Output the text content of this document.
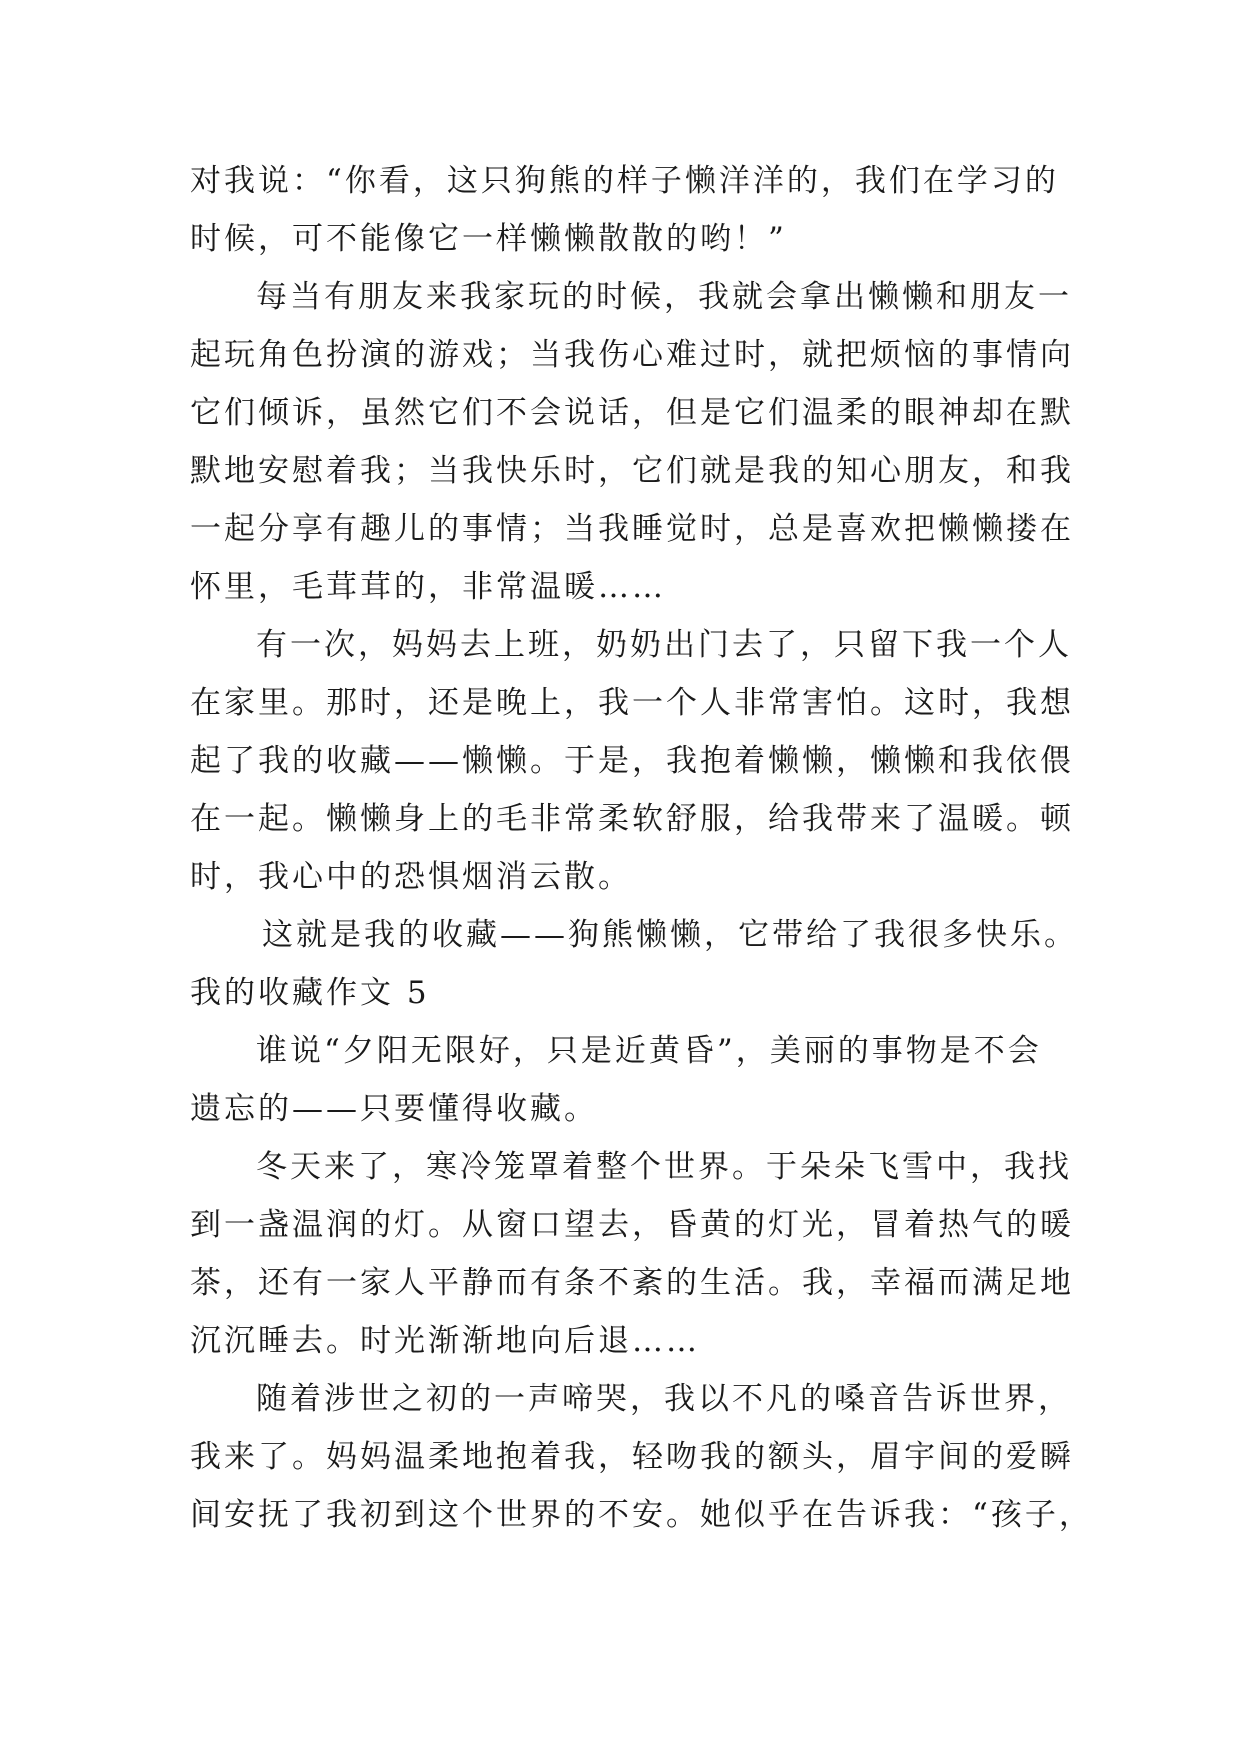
对我说：“你看，这只狗熊的样子懒洋洋的，我们在学习的
时候，可不能像它一样懒懒散散的哟！”
每当有朋友来我家玩的时候，我就会拿出懒懒和朋友一
起玩角色扮演的游戏；当我伤心难过时，就把烦恼的事情向
它们倾诉，虽然它们不会说话，但是它们温柔的眼神却在默
默地安慰着我；当我快乐时，它们就是我的知心朋友，和我
一起分享有趣儿的事情；当我睡觉时，总是喜欢把懒懒搂在
怀里，毛茸茸的，非常温暖……
有一次，妈妈去上班，奶奶出门去了，只留下我一个人
在家里。那时，还是晚上，我一个人非常害怕。这时，我想
起了我的收藏——懒懒。于是，我抱着懒懒，懒懒和我依偎
在一起。懒懒身上的毛非常柔软舒服，给我带来了温暖。顿
时，我心中的恐惧烟消云散。
这就是我的收藏——狗熊懒懒，它带给了我很多快乐。
我的收藏作文 5
谁说“夕阳无限好，只是近黄昏”，美丽的事物是不会
遗忘的——只要懂得收藏。
冬天来了，寒冷笼罩着整个世界。于朵朵飞雪中，我找
到一盏温润的灯。从窗口望去，昏黄的灯光，冒着热气的暖
茶，还有一家人平静而有条不紊的生活。我，幸福而满足地
沉沉睡去。时光渐渐地向后退……
随着涉世之初的一声啼哭，我以不凡的嗓音告诉世界，
我来了。妈妈温柔地抱着我，轻吻我的额头，眉宇间的爱瞬
间安抚了我初到这个世界的不安。她似乎在告诉我：“孩子，
